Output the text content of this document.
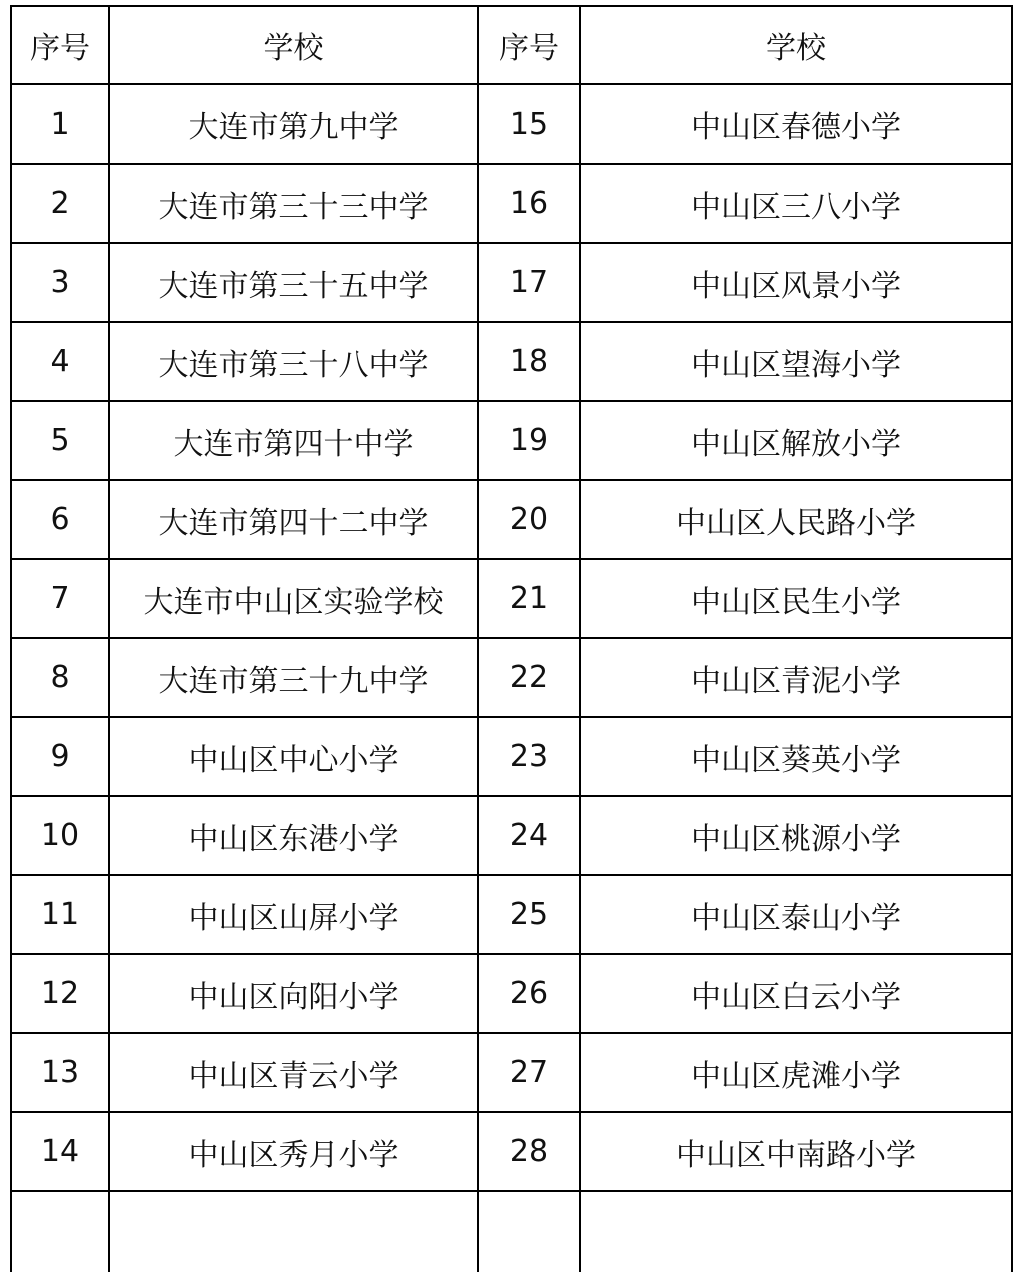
序号	学校	序号	学校
1	大连市第九中学	15	中山区春德小学
2	大连市第三十三中学	16	中山区三八小学
3	大连市第三十五中学	17	中山区风景小学
4	大连市第三十八中学	18	中山区望海小学
5	大连市第四十中学	19	中山区解放小学
6	大连市第四十二中学	20	中山区人民路小学
7	大连市中山区实验学校	21	中山区民生小学
8	大连市第三十九中学	22	中山区青泥小学
9	中山区中心小学	23	中山区葵英小学
10	中山区东港小学	24	中山区桃源小学
11	中山区山屏小学	25	中山区泰山小学
12	中山区向阳小学	26	中山区白云小学
13	中山区青云小学	27	中山区虎滩小学
14	中山区秀月小学	28	中山区中南路小学
